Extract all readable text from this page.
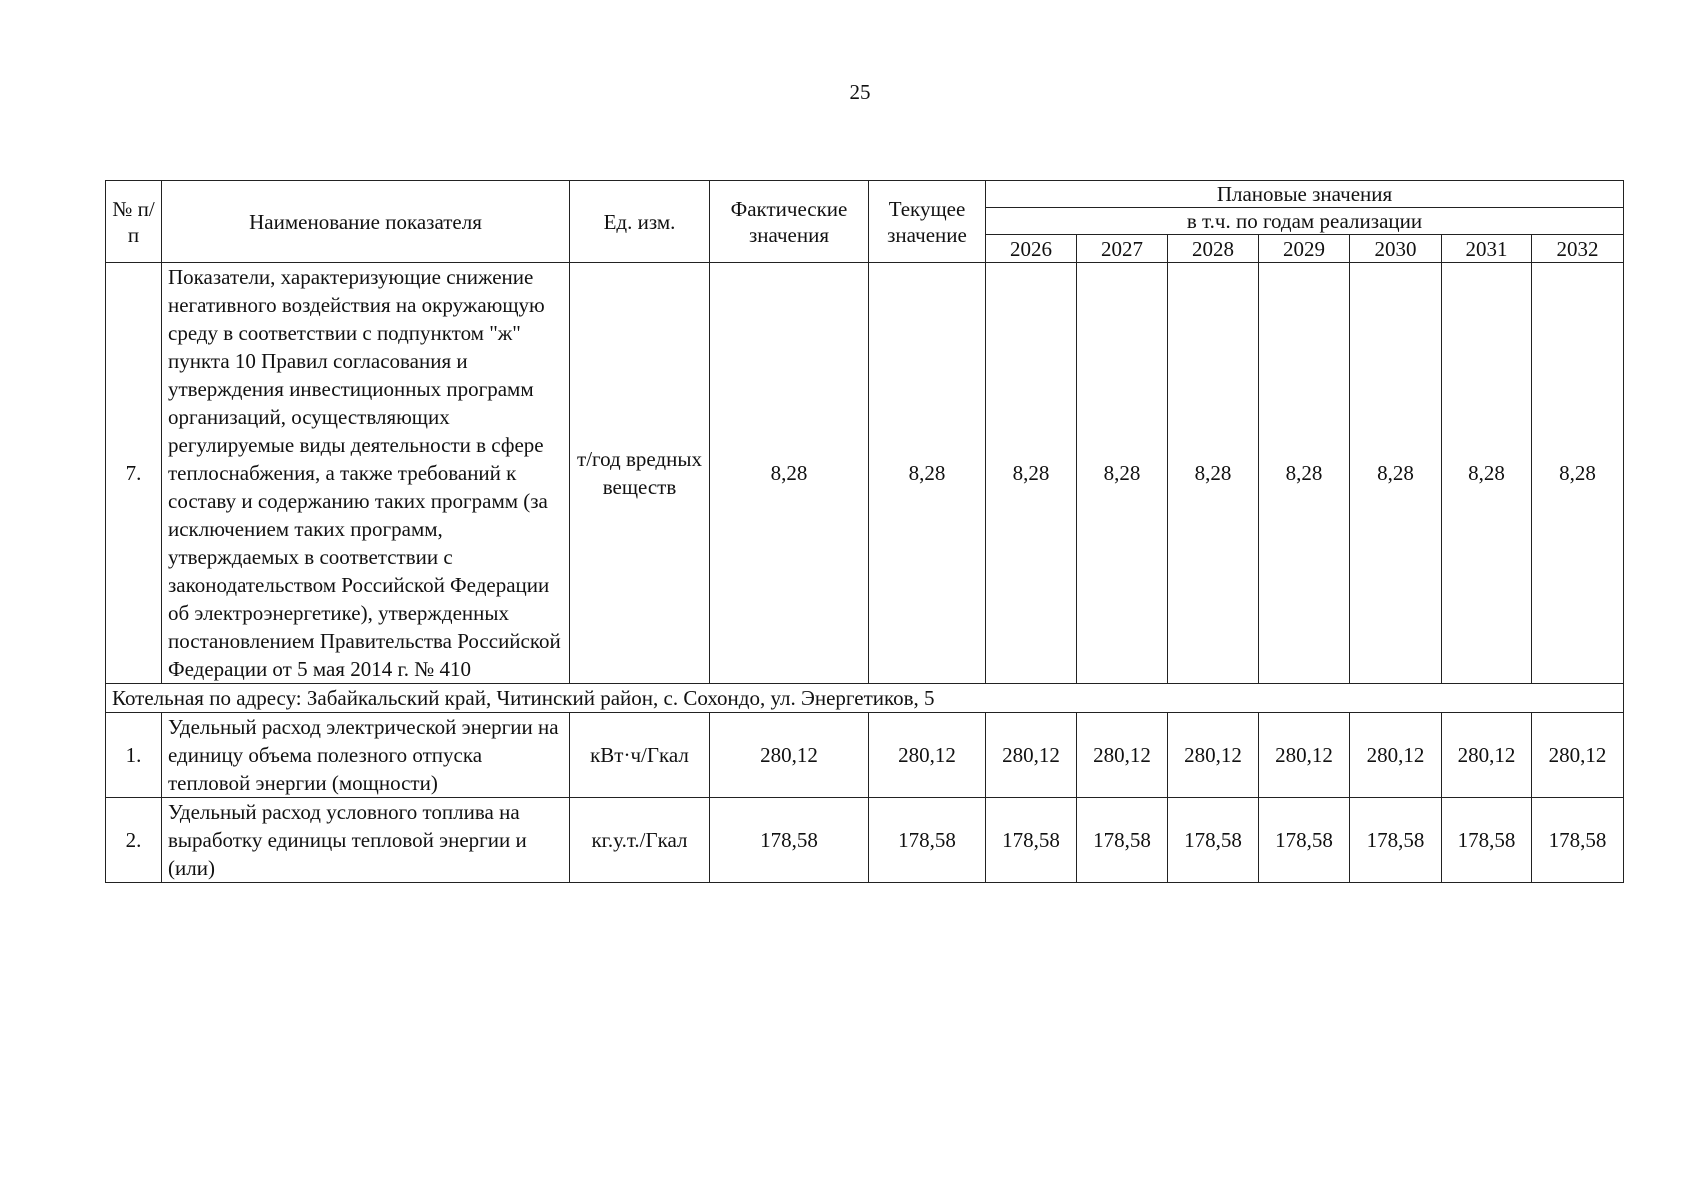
25
№ п/п	Наименование показателя	Ед. изм.	Фактические значения	Текущее значение	Плановые значения						
					в т.ч. по годам реализации						
					2026	2027	2028	2029	2030	2031	2032
7.	Показатели, характеризующие снижение негативного воздействия на окружающую среду в соответствии с подпунктом "ж" пункта 10 Правил согласования и утверждения инвестиционных программ организаций, осуществляющих регулируемые виды деятельности в сфере теплоснабжения, а также требований к составу и содержанию таких программ (за исключением таких программ, утверждаемых в соответствии с законодательством Российской Федерации об электроэнергетике), утвержденных постановлением Правительства Российской Федерации от 5 мая 2014 г. № 410	т/год вредных веществ	8,28	8,28	8,28	8,28	8,28	8,28	8,28	8,28	8,28
Котельная по адресу: Забайкальский край, Читинский район, с. Сохондо, ул. Энергетиков, 5											
1.	Удельный расход электрической энергии на единицу объема полезного отпуска тепловой энергии (мощности)	кВт·ч/Гкал	280,12	280,12	280,12	280,12	280,12	280,12	280,12	280,12	280,12
2.	Удельный расход условного топлива на выработку единицы тепловой энергии и (или)	кг.у.т./Гкал	178,58	178,58	178,58	178,58	178,58	178,58	178,58	178,58	178,58
